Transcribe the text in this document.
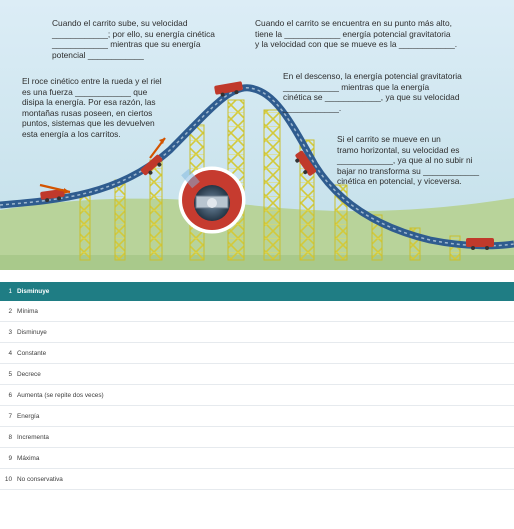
Cuando el carrito sube, su velocidad
____________; por ello, su energía cinética
____________ mientras que su energía
potencial ____________
El roce cinético entre la rueda y el riel
es una fuerza ____________ que
disipa la energía. Por esa razón, las
montañas rusas poseen, en ciertos
puntos, sistemas que les devuelven
esta energía a los carritos.
Cuando el carrito se encuentra en su punto más alto,
tiene la ____________ energía potencial gravitatoria
y la velocidad con que se mueve es la ____________.
En el descenso, la energía potencial gravitatoria
____________ mientras que la energía
cinética se ____________, ya que su velocidad
____________.
Si el carrito se mueve en un
tramo horizontal, su velocidad es
____________, ya que al no subir ni
bajar no transforma su ____________
cinética en potencial, y viceversa.
1 Disminuye
2 Mínima
3 Disminuye
4 Constante
5 Decrece
6 Aumenta (se repite dos veces)
7 Energía
8 Incrementa
9 Máxima
10 No conservativa
